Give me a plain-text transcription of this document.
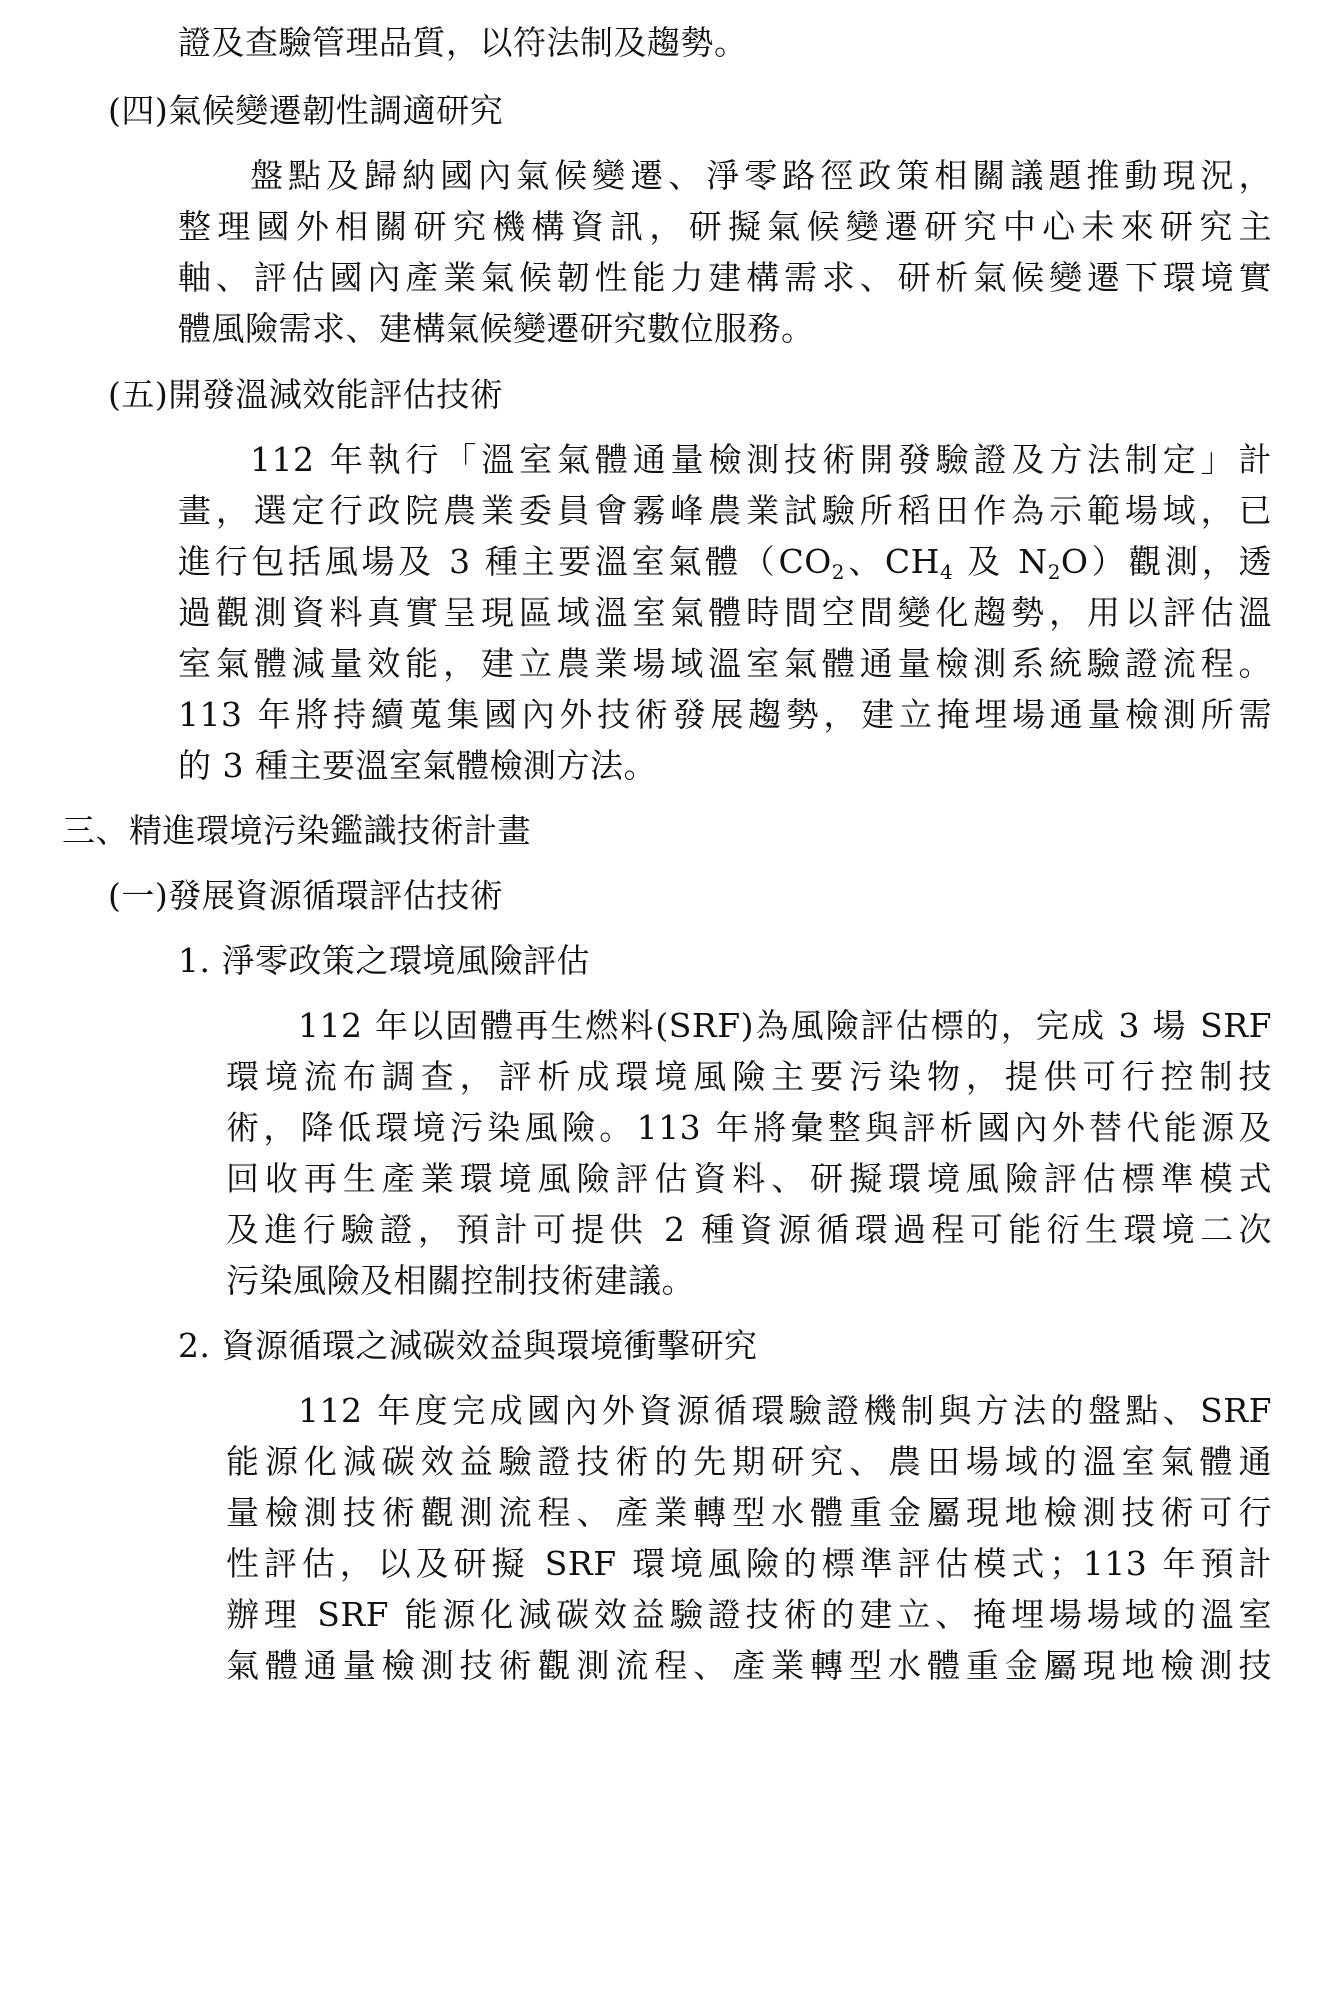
證及查驗管理品質，以符法制及趨勢。
(四)氣候變遷韌性調適研究
盤點及歸納國內氣候變遷、淨零路徑政策相關議題推動現況，
整理國外相關研究機構資訊，研擬氣候變遷研究中心未來研究主
軸、評估國內產業氣候韌性能力建構需求、研析氣候變遷下環境實
體風險需求、建構氣候變遷研究數位服務。
(五)開發溫減效能評估技術
112 年執行「溫室氣體通量檢測技術開發驗證及方法制定」計
畫，選定行政院農業委員會霧峰農業試驗所稻田作為示範場域，已
進行包括風場及 3 種主要溫室氣體（$CO_2$、$CH_4$ 及 $N_2O$）觀測，透
過觀測資料真實呈現區域溫室氣體時間空間變化趨勢，用以評估溫
室氣體減量效能，建立農業場域溫室氣體通量檢測系統驗證流程。
113 年將持續蒐集國內外技術發展趨勢，建立掩埋場通量檢測所需
的 3 種主要溫室氣體檢測方法。
三、精進環境污染鑑識技術計畫
(一)發展資源循環評估技術
1. 淨零政策之環境風險評估
112 年以固體再生燃料(SRF)為風險評估標的，完成 3 場 SRF
環境流布調查，評析成環境風險主要污染物，提供可行控制技
術，降低環境污染風險。113 年將彙整與評析國內外替代能源及
回收再生產業環境風險評估資料、研擬環境風險評估標準模式
及進行驗證，預計可提供 2 種資源循環過程可能衍生環境二次
污染風險及相關控制技術建議。
2. 資源循環之減碳效益與環境衝擊研究
112 年度完成國內外資源循環驗證機制與方法的盤點、SRF
能源化減碳效益驗證技術的先期研究、農田場域的溫室氣體通
量檢測技術觀測流程、產業轉型水體重金屬現地檢測技術可行
性評估，以及研擬 SRF 環境風險的標準評估模式；113 年預計
辦理 SRF 能源化減碳效益驗證技術的建立、掩埋場場域的溫室
氣體通量檢測技術觀測流程、產業轉型水體重金屬現地檢測技
